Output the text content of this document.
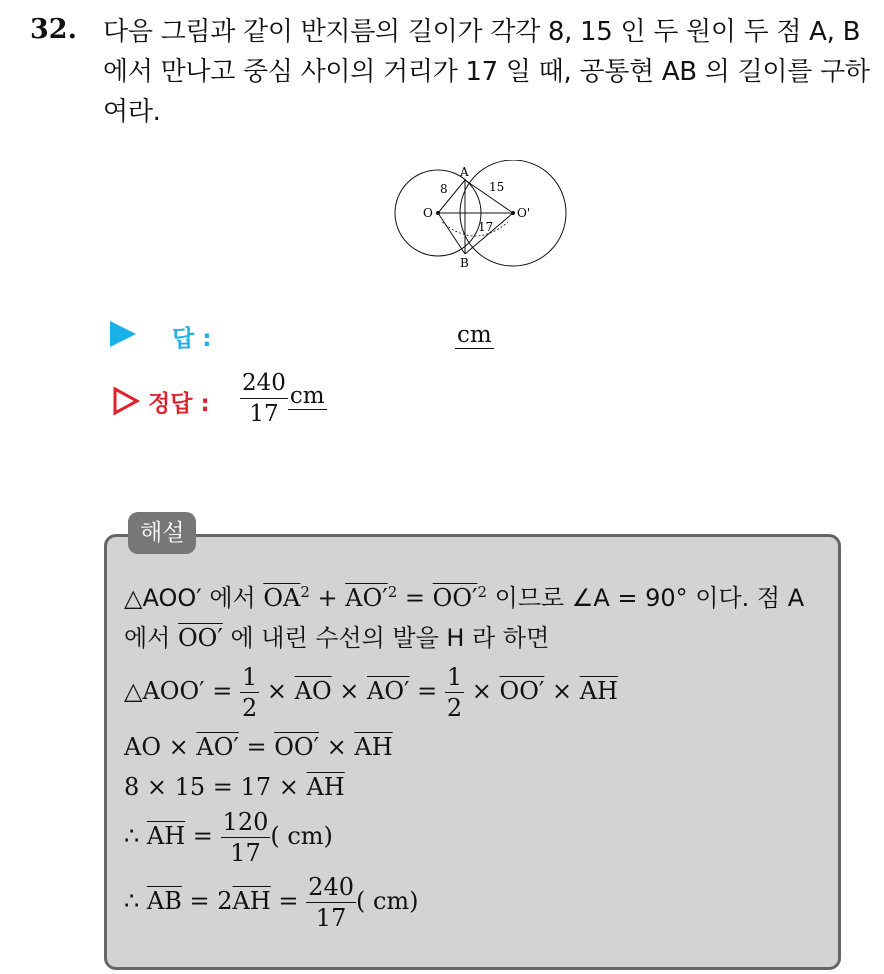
32. 다음 그림과 같이 반지름의 길이가 각각 8, 15 인 두 원이 두 점 A, B
에서 만나고 중심 사이의 거리가 17 일 때, 공통현 AB 의 길이를 구하
여라.
A
B
O	O'
8	15
17
답 :	cm
정답 : $\frac{240}{17}$ cm
해설
△AOO′ 에서 $\overline{OA}^2 + AO'^2 = OO'^2$ 이므로 ∠A = 90° 이다. 점 A
에서 OO′ 에 내린 수선의 발을 H 라 하면
△AOO′ = $\frac{1}{2} \times \overline{AO} \times AO' = \frac{1}{2} \times OO' \times \overline{AH}$
AO × $AO' = OO' \times \overline{AH}$
$8 \times 15 = 17 \times \overline{AH}$
∴ $\overline{AH} = \frac{120}{17}$ ( cm)
∴ $\overline{AB} = 2\overline{AH} = \frac{240}{17}$ ( cm)
